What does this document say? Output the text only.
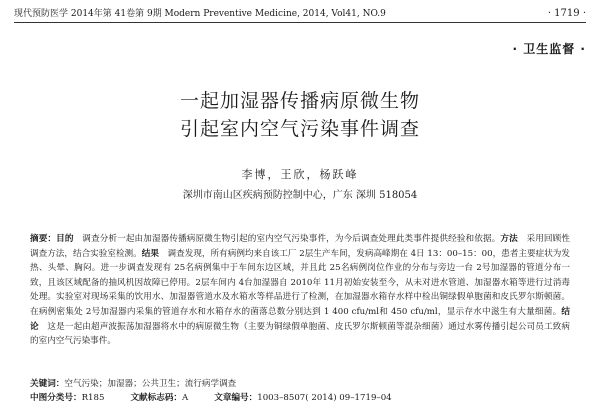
现代预防医学 2014年第 41卷第 9期 Modern Preventive Medicine, 2014, Vol41, NO.9	· 1719 ·
· 卫生监督 ·
一起加湿器传播病原微生物
引起室内空气污染事件调查
李博，王欣，杨跃峰
深圳市南山区疾病预防控制中心，广东 深圳 518054

摘要：目的  调查分析一起由加湿器传播病原微生物引起的室内空气污染事件，为今后调查处理此类事件提供经验和依据。方法  采用回顾性调查方法，结合实验室检测。结果  调查发现，所有病例均来自该工厂 2层生产车间，发病高峰期在 4日 13：00–15：00，患者主要症状为发热、头晕、胸闷。进一步调查发现有 25名病例集中于车间东边区域，并且此 25名病例岗位作业的分布与旁边一台 2号加湿器的管道分布一致，且该区域配备的抽风机因故障已停用。2层车间内 4台加湿器自 2010年 11月初始安装至今，从未对进水管道、加湿器水箱等进行过消毒处理。实验室对现场采集的饮用水、加湿器管道水及水箱水等样品进行了检测，在加湿器水箱存水样中检出铜绿假单胞菌和皮氏罗尔斯顿菌。在病例密集处 2号加湿器内采集的管道存水和水箱存水的菌落总数分别达到 1 400 cfu/ml和 450 cfu/ml，显示存水中滋生有大量细菌。结论  这是一起由超声波振荡加湿器将水中的病原微生物（主要为铜绿假单胞菌、皮氏罗尔斯顿菌等混杂细菌）通过水雾传播引起公司员工致病的室内空气污染事件。

关键词：空气污染；加湿器；公共卫生；流行病学调查

中图分类号：R185	文献标志码：A	文章编号：1003–8507( 2014) 09–1719–04
